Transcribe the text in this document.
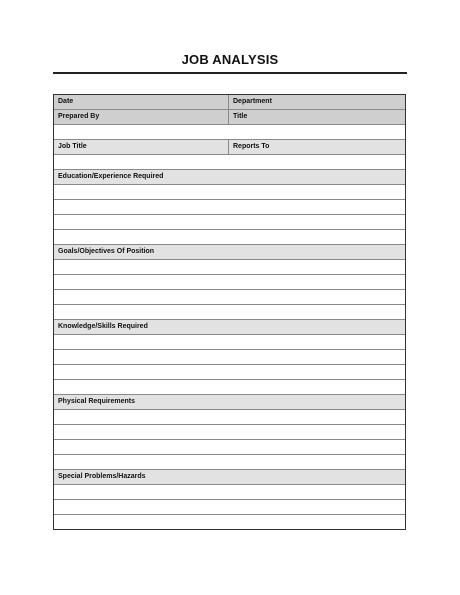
JOB ANALYSIS
Date	Department
Prepared By	Title
Job Title	Reports To
Education/Experience Required
Goals/Objectives Of Position
Knowledge/Skills Required
Physical Requirements
Special Problems/Hazards
